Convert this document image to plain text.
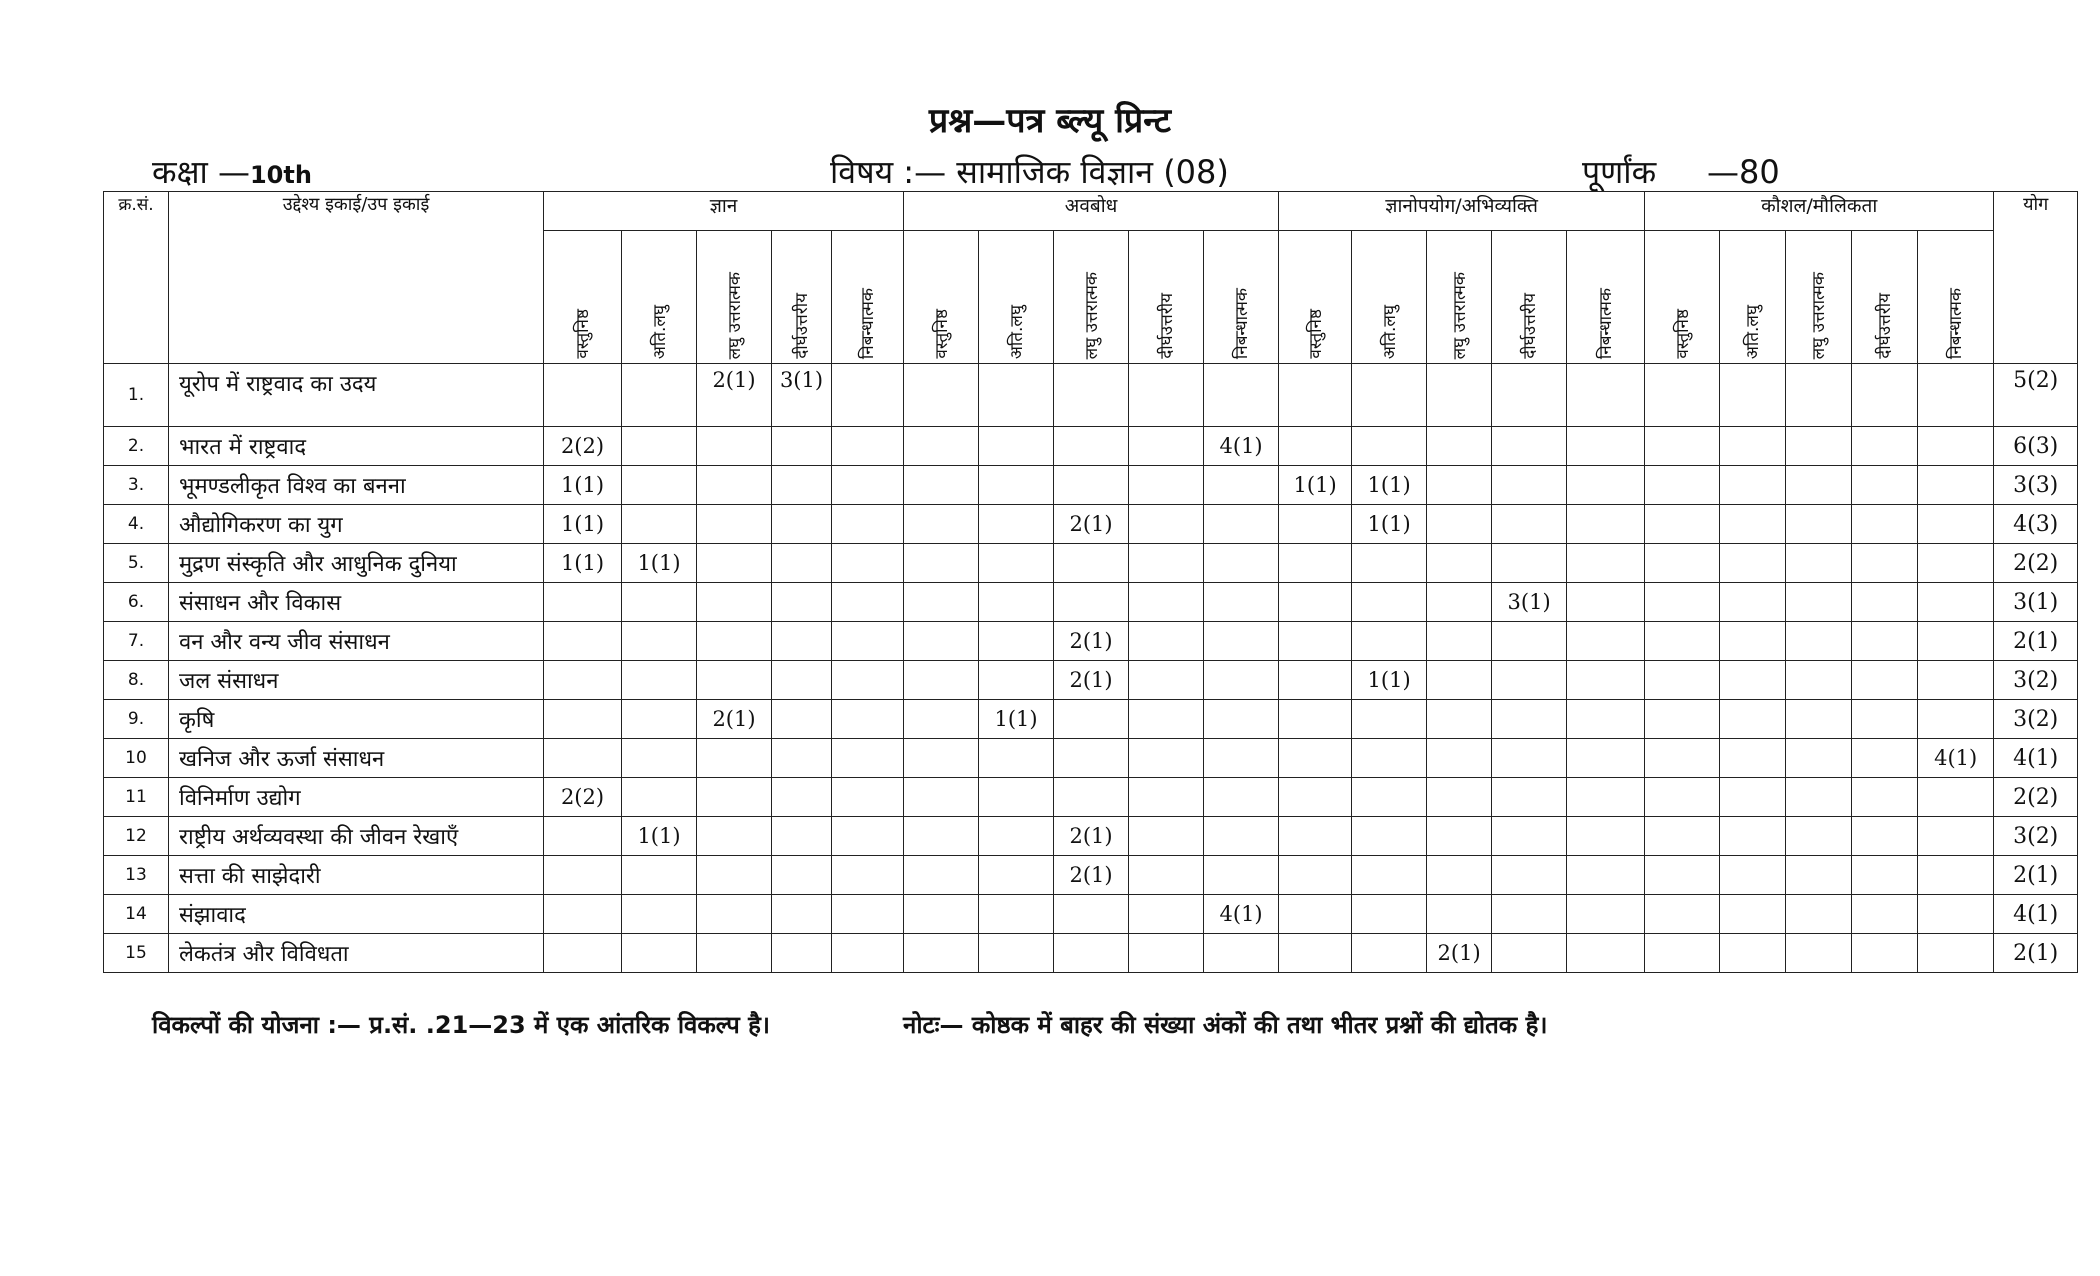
प्रश्न—पत्र ब्ल्यू प्रिन्ट
कक्षा —10th	विषय :— सामाजिक विज्ञान (08)	पूर्णांक —80
क्र.सं.	उद्देश्य इकाई/उप इकाई	ज्ञान					अवबोध					ज्ञानोपयोग/अभिव्यक्ति					कौशल/मौलिकता					योग
		वस्तुनिष्ठ	अति.लघु	लघु उत्तरात्मक	दीर्घउत्तरीय	निबन्धात्मक	वस्तुनिष्ठ	अति.लघु	लघु उत्तरात्मक	दीर्घउत्तरीय	निबन्धात्मक	वस्तुनिष्ठ	अति.लघु	लघु उत्तरात्मक	दीर्घउत्तरीय	निबन्धात्मक	वस्तुनिष्ठ	अति.लघु	लघु उत्तरात्मक	दीर्घउत्तरीय	निबन्धात्मक	
1.	यूरोप में राष्ट्रवाद का उदय			2(1)	3(1)																	5(2)
2.	भारत में राष्ट्रवाद	2(2)									4(1)											6(3)
3.	भूमण्डलीकृत विश्व का बनना	1(1)										1(1)	1(1)									3(3)
4.	औद्योगिकरण का युग	1(1)							2(1)				1(1)									4(3)
5.	मुद्रण संस्कृति और आधुनिक दुनिया	1(1)	1(1)																			2(2)
6.	संसाधन और विकास														3(1)							3(1)
7.	वन और वन्य जीव संसाधन								2(1)													2(1)
8.	जल संसाधन								2(1)				1(1)									3(2)
9.	कृषि			2(1)				1(1)														3(2)
10	खनिज और ऊर्जा संसाधन																				4(1)	4(1)
11	विनिर्माण उद्योग	2(2)																				2(2)
12	राष्ट्रीय अर्थव्यवस्था की जीवन रेखाएँ		1(1)						2(1)													3(2)
13	सत्ता की साझेदारी								2(1)													2(1)
14	संझावाद										4(1)											4(1)
15	लेकतंत्र और विविधता													2(1)								2(1)
विकल्पों की योजना :— प्र.सं. .21—23 में एक आंतरिक विकल्प है।	नोटः— कोष्ठक में बाहर की संख्या अंकों की तथा भीतर प्रश्नों की द्योतक है।
